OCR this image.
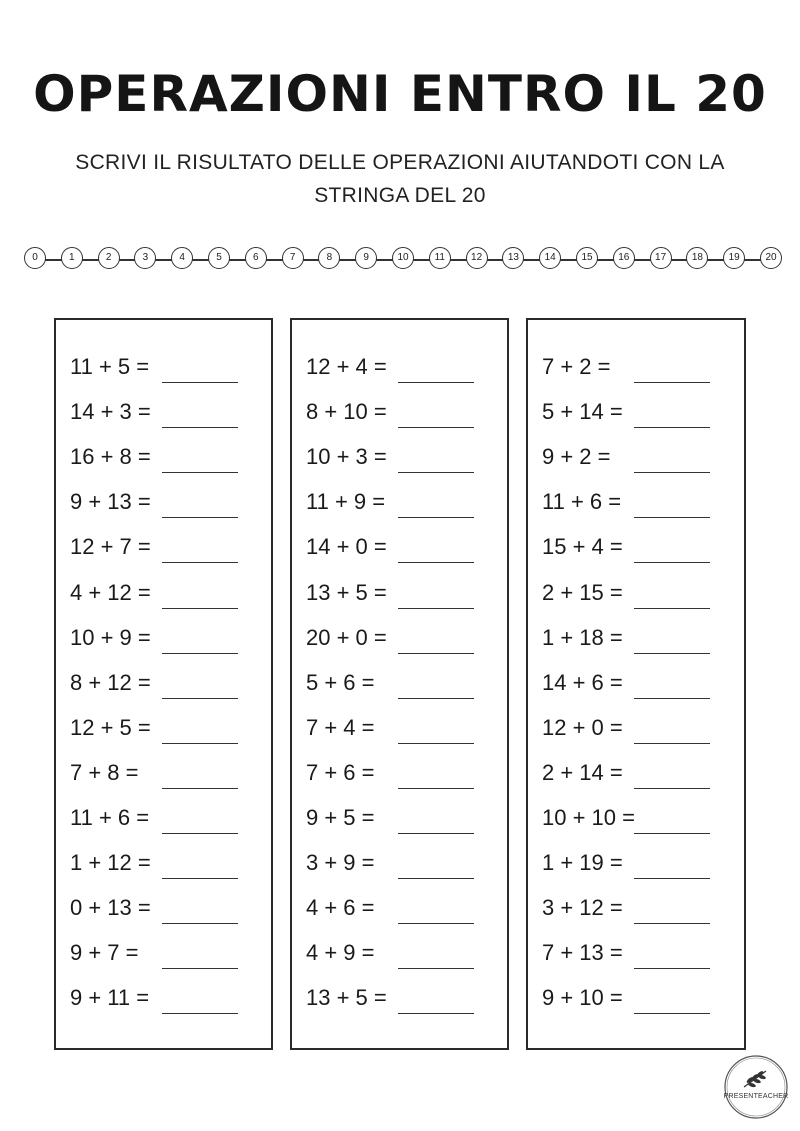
OPERAZIONI ENTRO IL 20
SCRIVI IL RISULTATO DELLE OPERAZIONI AIUTANDOTI CON LA
STRINGA DEL 20
0	1	2	3	4	5	6	7	8	9	10	11	12	13	14	15	16	17	18	19	20
11 + 5 =
14 + 3 =
16 + 8 =
9 + 13 =
12 + 7 =
4 + 12 =
10 + 9 =
8 + 12 =
12 + 5 =
7 + 8 =
11 + 6 =
1 + 12 =
0 + 13 =
9 + 7 =
9 + 11 =
12 + 4 =
8 + 10 =
10 + 3 =
11 + 9 =
14 + 0 =
13 + 5 =
20 + 0 =
5 + 6 =
7 + 4 =
7 + 6 =
9 + 5 =
3 + 9 =
4 + 6 =
4 + 9 =
13 + 5 =
7 + 2 =
5 + 14 =
9 + 2 =
11 + 6 =
15 + 4 =
2 + 15 =
1 + 18 =
14 + 6 =
12 + 0 =
2 + 14 =
10 + 10 =
1 + 19 =
3 + 12 =
7 + 13 =
9 + 10 =
PRESENTEACHER
